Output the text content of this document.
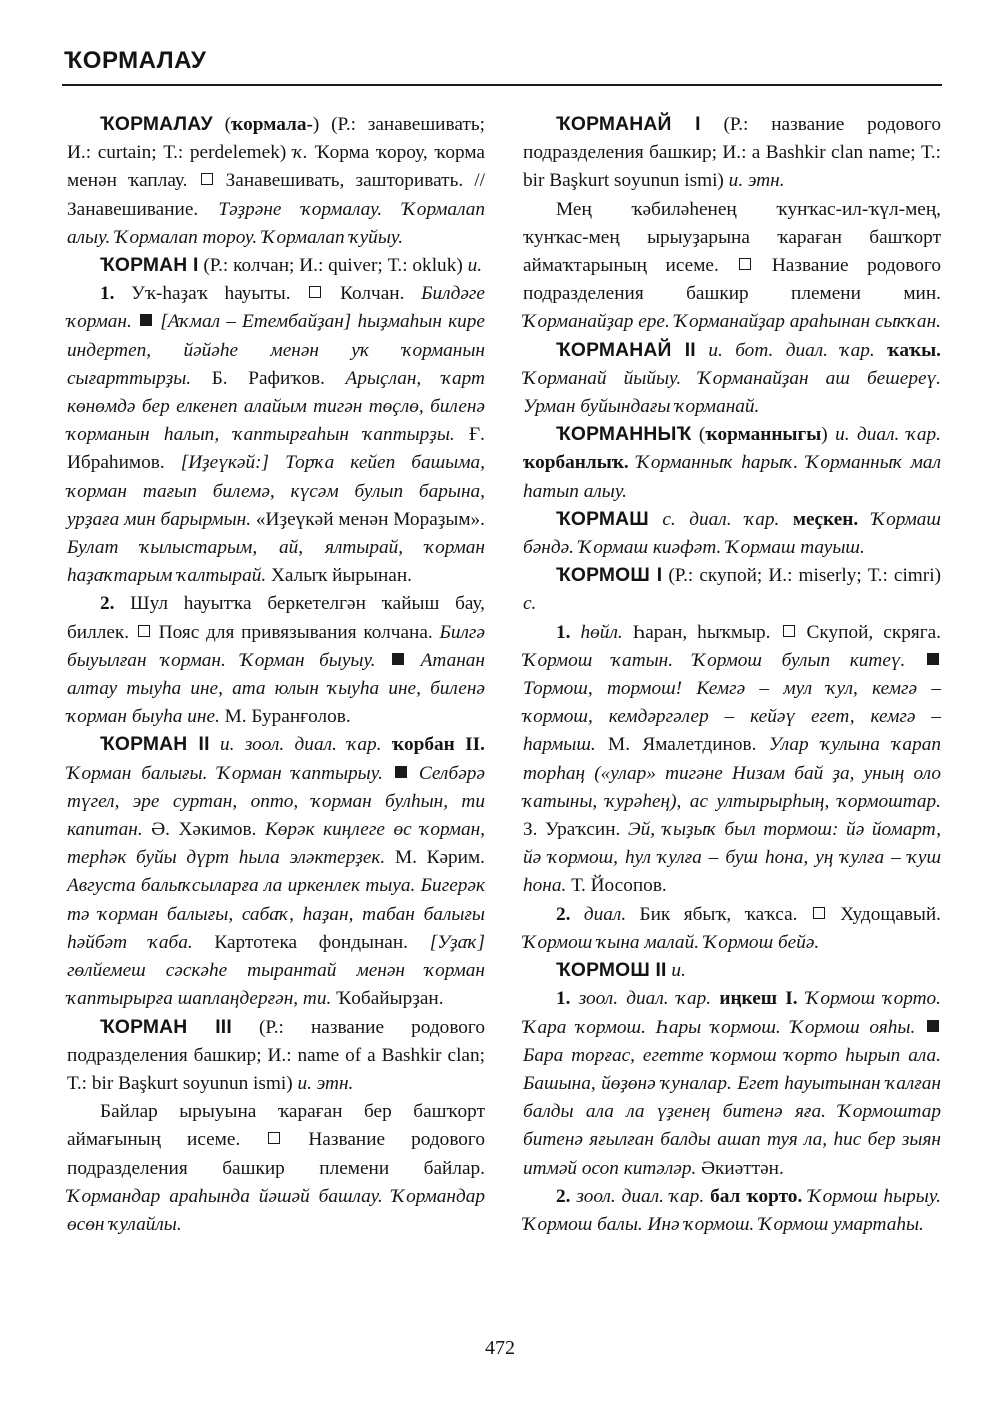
ҠОРМАЛАУ

ҠОРМАЛАУ (ҡормала-) (Р.: занавешивать; И.: curtain; Т.: perdelemek) ҡ. Ҡорма ҡороу, ҡорма менән ҡаплау.  Занавешивать, зашторивать. // Занавешивание. Тәҙрәне ҡормалау. Ҡормалап алыу. Ҡормалап тороу. Ҡормалап ҡуйыу.

ҠОРМАН I (Р.: колчан; И.: quiver; Т.: okluk) и.

1. Уҡ-һаҙаҡ һауыты.  Колчан. Билдәге ҡорман. [Аҡмал – Етембайҙан] һыҙмаһын кире индертеп, йәйәһе менән уҡ ҡорманын сығарттырҙы. Б. Рафиҡов. Арыҫлан, ҡарт көнөмдә бер елкенеп алайым тигән төҫлө, биленә ҡорманын һалып, ҡаптырғаһын ҡаптырҙы. Ғ. Ибраһимов. [Иҙеүкәй:] Торҡа кейеп башыма, ҡорман тағып билемә, күсәм булып барына, урҙаға мин барырмын. «Иҙеүкәй менән Мораҙым». Булат ҡылыстарым, ай, ялтырай, ҡорман һаҙаҡтарым ҡалтырай. Халыҡ йырынан.

2. Шул һауытҡа беркетелгән ҡайыш бау, биллек.  Пояс для привязывания колчана. Билгә быуылған ҡорман. Ҡорман быуыу. Атанан алтау тыуһа ине, ата юлын ҡыуһа ине, биленә ҡорман быуһа ине. М. Буранғолов.

ҠОРМАН II и. зоол. диал. ҡар. ҡорбан II. Ҡорман балығы. Ҡорман ҡаптырыу. Селбәрә түгел, эре суртан, опто, ҡорман булһын, ти капитан. Ә. Хәкимов. Көрәк киңлеге өс ҡорман, терһәк буйы дүрт һыла эләктерҙек. М. Кәрим. Августа балыҡсыларға ла иркенлек тыуа. Бигерәк тә ҡорман балығы, сабаҡ, һаҙан, табан балығы һәйбәт ҡаба. Картотека фондынан. [Уҙаҡ] гөлйемеш сәскәһе тырантай менән ҡорман ҡаптырырға шаплаңдерғән, ти. Ҡобайырҙан.

ҠОРМАН III (Р.: название родового подразделения башкир; И.: name of a Bashkir clan; Т.: bir Başkurt soyunun ismi) и. этн.

Байлар ырыуына ҡараған бер башҡорт аймағының исеме.  Название родового подразделения башкир племени байлар. Ҡормандар араһында йәшәй башлау. Ҡормандар өсөн ҡулайлы.

ҠОРМАНАЙ I (Р.: название родового подразделения башкир; И.: a Bashkir clan name; Т.: bir Başkurt soyunun ismi) и. этн.

Мең ҡәбиләһенең ҡунҡас-ил-ҡүл-мең, ҡунҡас-мең ырыуҙарына ҡараған башҡорт аймаҡтарының исеме.  Название родового подразделения башкир племени мин. Ҡорманайҙар ере. Ҡорманайҙар араһынан сыҡҡан.

ҠОРМАНАЙ II и. бот. диал. ҡар. ҡаҡы. Ҡорманай йыйыу. Ҡорманайҙан аш бешереү. Урман буйындағы ҡорманай.

ҠОРМАННЫҠ (ҡорманныгы) и. диал. ҡар. ҡорбанлыҡ. Ҡорманныҡ һарыҡ. Ҡорманныҡ мал һатып алыу.

ҠОРМАШ с. диал. ҡар. меҫкен. Ҡормаш бәндә. Ҡормаш киәфәт. Ҡормаш тауыш.

ҠОРМОШ I (Р.: скупой; И.: miserly; Т.: cimri) с.

1. һөйл. Һаран, һыҡмыр.  Скупой, скряга. Ҡормош ҡатын. Ҡормош булып китеү.  Тормош, тормош! Кемгә – мул ҡул, кемгә – ҡормош, кемдәргәлер – кейәү егет, кемгә – һармыш. М. Ямалетдинов. Улар ҡулына ҡарап торһаң («улар» тигәне Низам бай ҙа, уның оло ҡатыны, ҡурәһең), ас ултырырһың, ҡормоштар. З. Ураҡсин. Эй, ҡыҙыҡ был тормош: йә йомарт, йә ҡормош, һул ҡулға – буш һона, уң ҡулға – ҡуш һона. Т. Йосопов.

2. диал. Бик ябыҡ, ҡаҡса.  Худощавый. Ҡормош ҡына малай. Ҡормош бейә.

ҠОРМОШ II и.

1. зоол. диал. ҡар. иңкеш I. Ҡормош ҡорто. Ҡара ҡормош. Һары ҡормош. Ҡормош ояһы.  Бара торғас, егетте ҡормош ҡорто һырып ала. Башына, йөҙөнә ҡуналар. Егет һауытынан ҡалған балды ала ла үҙенең битенә яға. Ҡормоштар битенә яғылған балды ашап туя ла, һис бер зыян итмәй осоп китәләр. Әкиәттән.

2. зоол. диал. ҡар. бал ҡорто. Ҡормош һырыу. Ҡормош балы. Инә ҡормош. Ҡормош умартаһы.

472
